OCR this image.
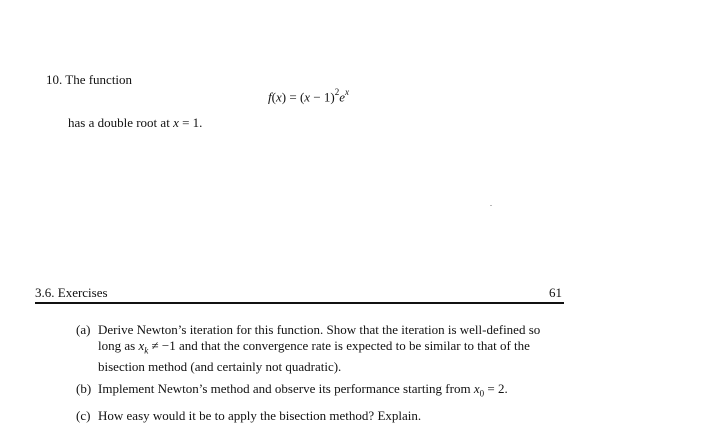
10. The function
$f(x) = (x - 1)^2e^x$
has a double root at x = 1.
3.6. Exercises	61
(a) Derive Newton’s iteration for this function. Show that the iteration is well-defined so
long as $x_k \ne -1$ and that the convergence rate is expected to be similar to that of the
bisection method (and certainly not quadratic).
(b) Implement Newton’s method and observe its performance starting from $x_0 = 2$.
(c) How easy would it be to apply the bisection method? Explain.
